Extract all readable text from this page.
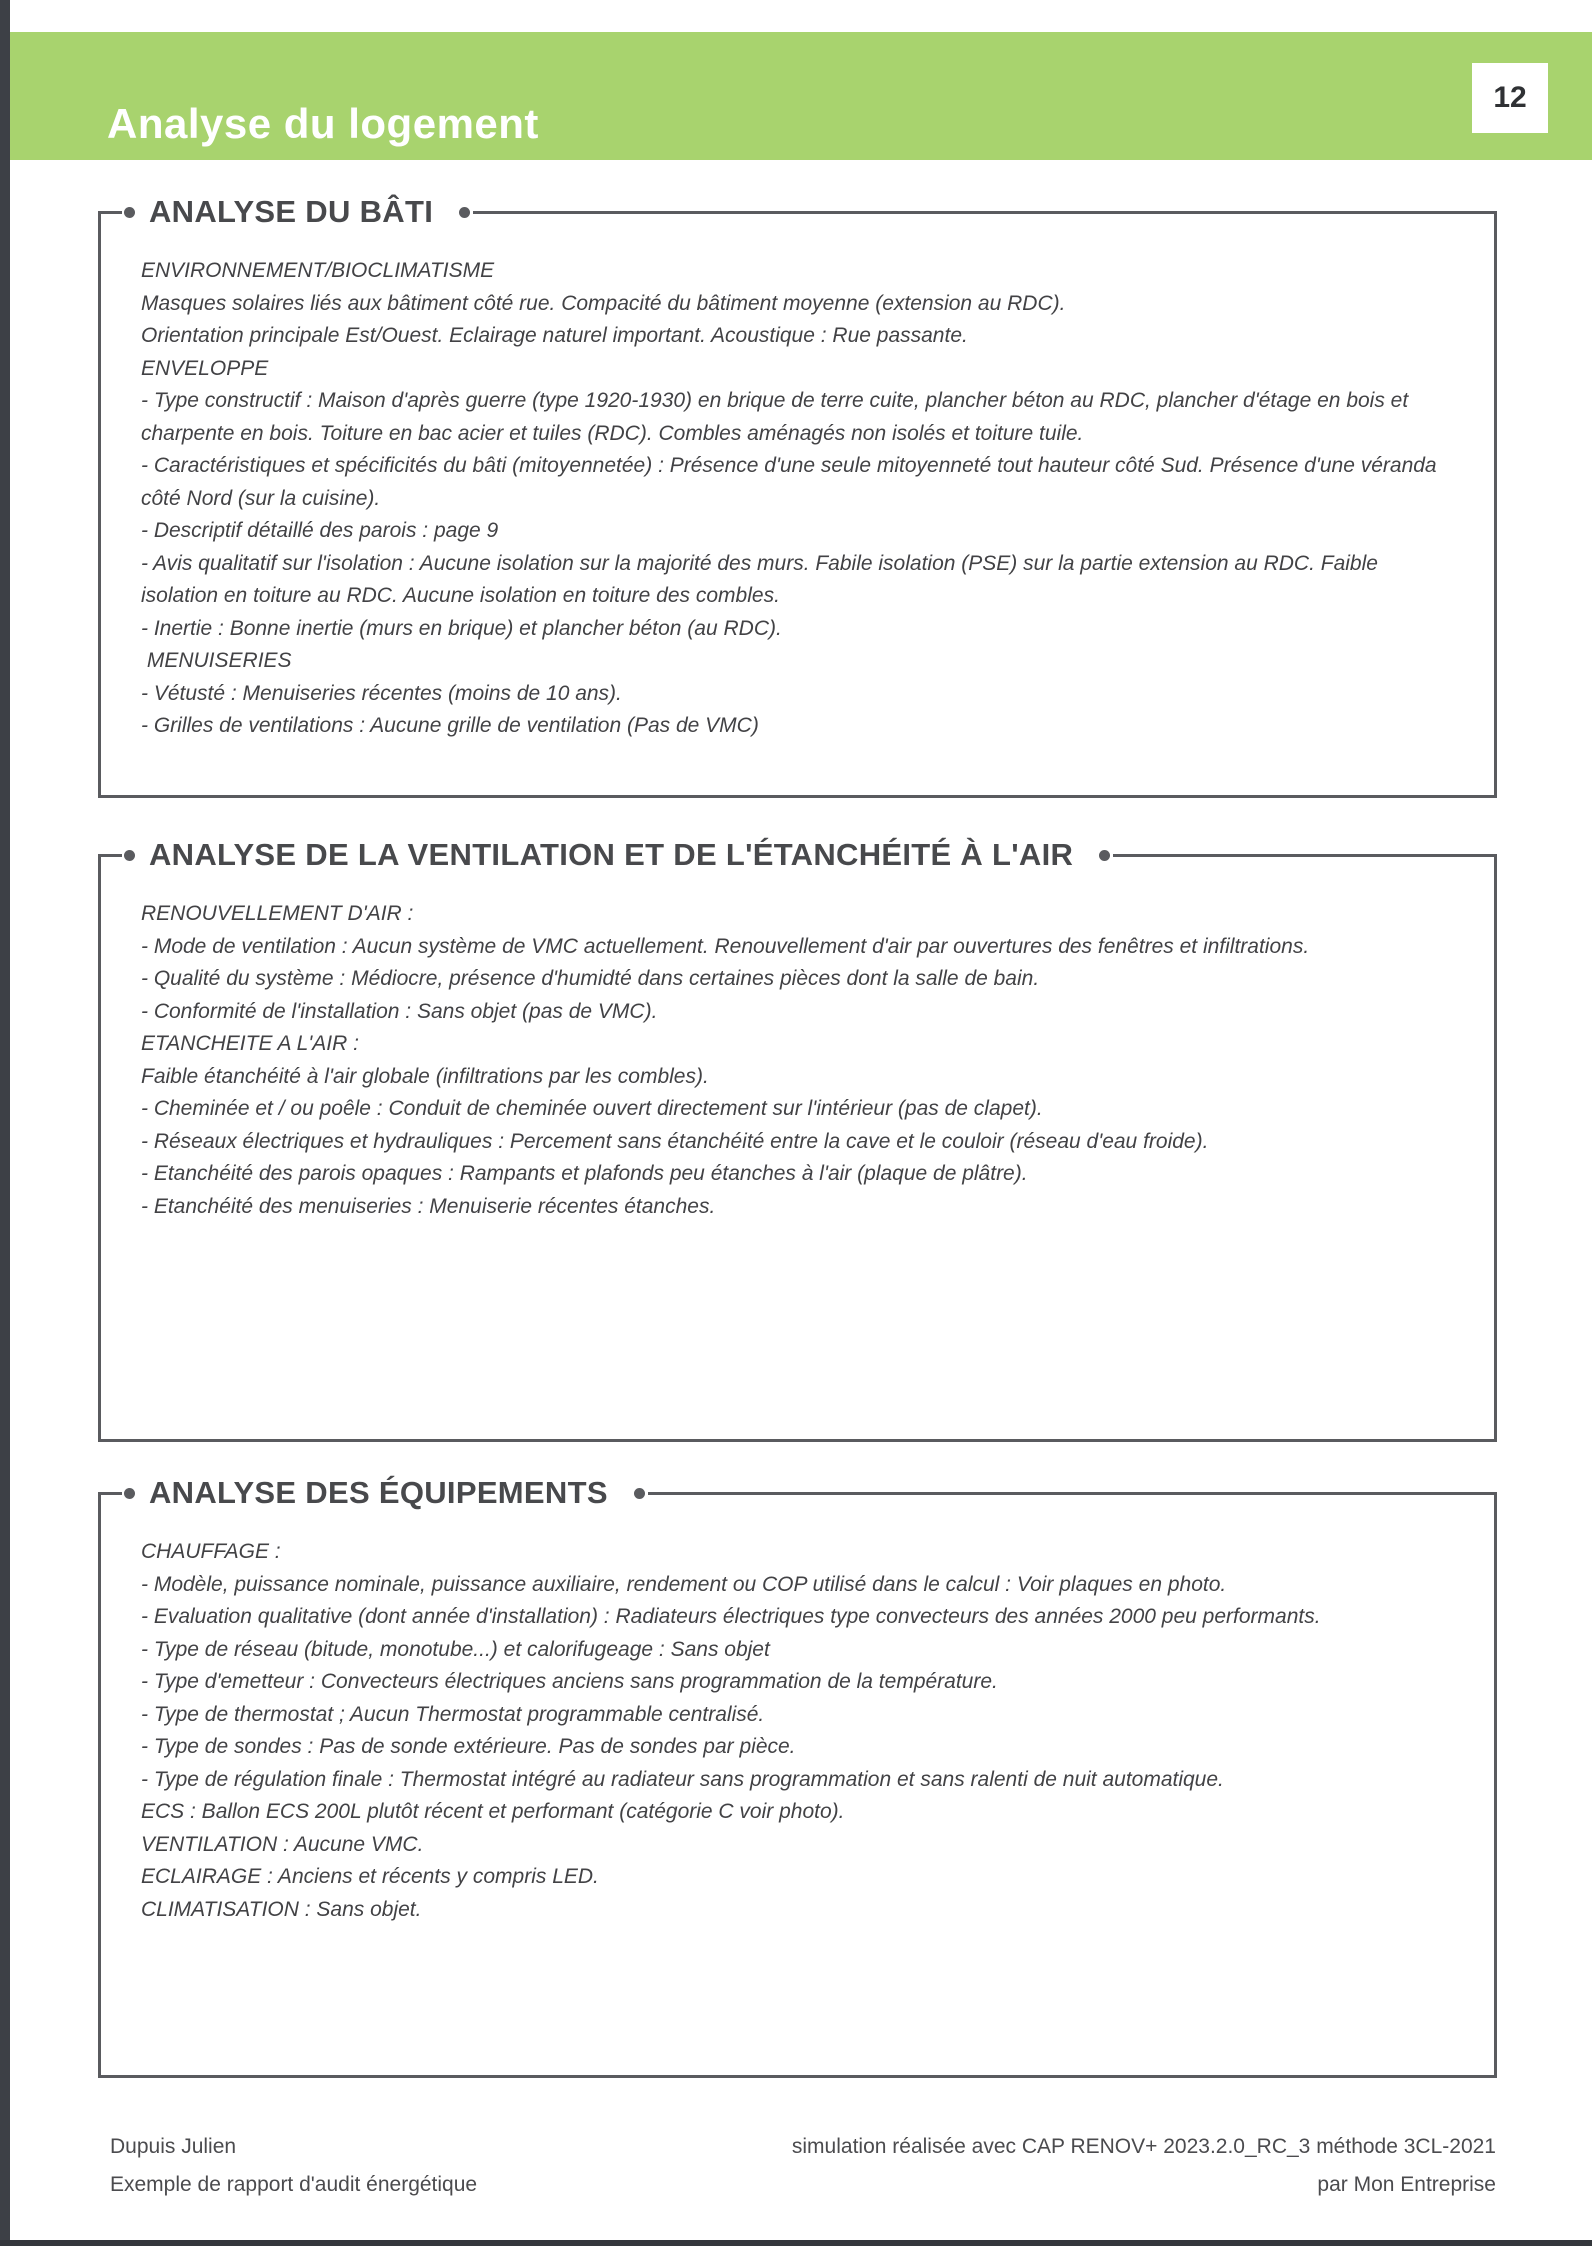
Analyse du logement
12
ANALYSE DU BÂTI

ENVIRONNEMENT/BIOCLIMATISME

Masques solaires liés aux bâtiment côté rue. Compacité du bâtiment moyenne (extension au RDC).

Orientation principale Est/Ouest. Eclairage naturel important. Acoustique : Rue passante.

ENVELOPPE

- Type constructif : Maison d'après guerre (type 1920-1930) en brique de terre cuite, plancher béton au RDC, plancher d'étage en bois et charpente en bois. Toiture en bac acier et tuiles (RDC). Combles aménagés non isolés et toiture tuile.

- Caractéristiques et spécificités du bâti (mitoyennetée) : Présence d'une seule mitoyenneté tout hauteur côté Sud. Présence d'une véranda côté Nord (sur la cuisine).

- Descriptif détaillé des parois : page 9

- Avis qualitatif sur l'isolation : Aucune isolation sur la majorité des murs. Fabile isolation (PSE) sur la partie extension au RDC. Faible isolation en toiture au RDC. Aucune isolation en toiture des combles.

- Inertie : Bonne inertie (murs en brique) et plancher béton (au RDC).

MENUISERIES

- Vétusté : Menuiseries récentes (moins de 10 ans).

- Grilles de ventilations : Aucune grille de ventilation (Pas de VMC)

ANALYSE DE LA VENTILATION ET DE L'ÉTANCHÉITÉ À L'AIR

RENOUVELLEMENT D'AIR :

- Mode de ventilation : Aucun système de VMC actuellement. Renouvellement d'air par ouvertures des fenêtres et infiltrations.

- Qualité du système : Médiocre, présence d'humidté dans certaines pièces dont la salle de bain.

- Conformité de l'installation : Sans objet (pas de VMC).

ETANCHEITE A L'AIR :

Faible étanchéité à l'air globale (infiltrations par les combles).

- Cheminée et / ou poêle : Conduit de cheminée ouvert directement sur l'intérieur (pas de clapet).

- Réseaux électriques et hydrauliques : Percement sans étanchéité entre la cave et le couloir (réseau d'eau froide).

- Etanchéité des parois opaques : Rampants et plafonds peu étanches à l'air (plaque de plâtre).

- Etanchéité des menuiseries : Menuiserie récentes étanches.

ANALYSE DES ÉQUIPEMENTS

CHAUFFAGE :

- Modèle, puissance nominale, puissance auxiliaire, rendement ou COP utilisé dans le calcul : Voir plaques en photo.

- Evaluation qualitative (dont année d'installation) : Radiateurs électriques type convecteurs des années 2000 peu performants.

- Type de réseau (bitude, monotube...) et calorifugeage : Sans objet

- Type d'emetteur : Convecteurs électriques anciens sans programmation de la température.

- Type de thermostat ; Aucun Thermostat programmable centralisé.

- Type de sondes : Pas de sonde extérieure. Pas de sondes par pièce.

- Type de régulation finale : Thermostat intégré au radiateur sans programmation et sans ralenti de nuit automatique.

ECS : Ballon ECS 200L plutôt récent et performant (catégorie C voir photo).

VENTILATION : Aucune VMC.

ECLAIRAGE : Anciens et récents y compris LED.

CLIMATISATION : Sans objet.

Dupuis Julien	simulation réalisée avec CAP RENOV+ 2023.2.0_RC_3 méthode 3CL-2021
Exemple de rapport d'audit énergétique	par Mon Entreprise
